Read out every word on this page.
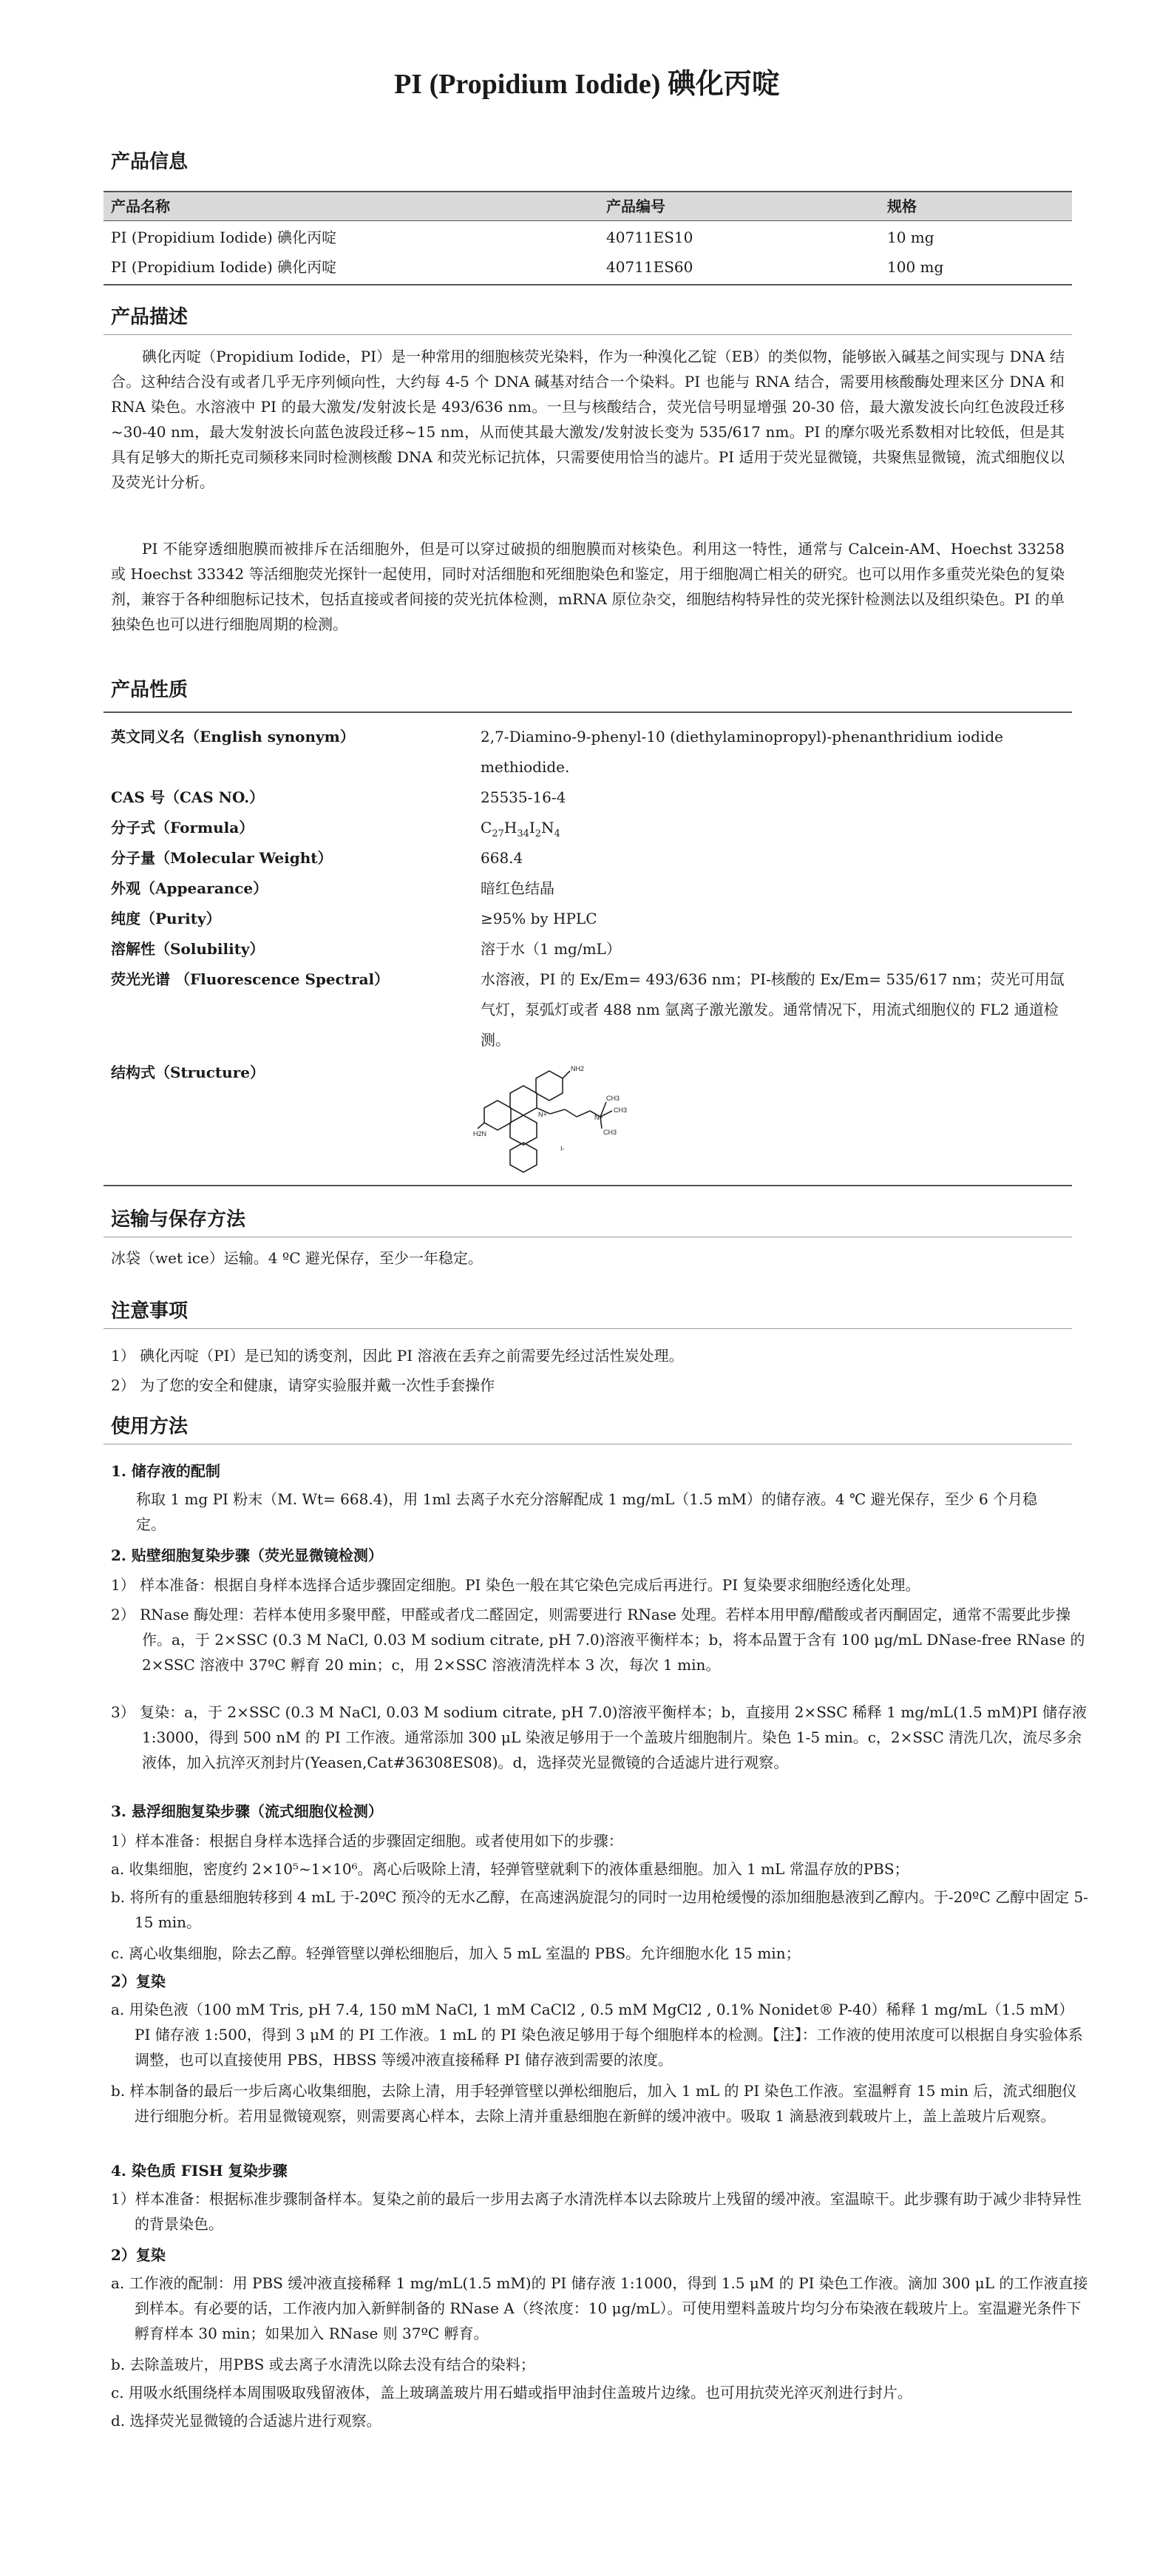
PI (Propidium Iodide) 碘化丙啶
产品信息
产品名称	产品编号	规格
PI (Propidium Iodide) 碘化丙啶	40711ES10	10 mg
PI (Propidium Iodide) 碘化丙啶	40711ES60	100 mg
产品描述
碘化丙啶（Propidium Iodide，PI）是一种常用的细胞核荧光染料，作为一种溴化乙锭（EB）的类似物，能够嵌入碱基之间实现与 DNA 结合。这种结合没有或者几乎无序列倾向性，大约每 4-5 个 DNA 碱基对结合一个染料。PI 也能与 RNA 结合，需要用核酸酶处理来区分 DNA 和 RNA 染色。水溶液中 PI 的最大激发/发射波长是 493/636 nm。一旦与核酸结合，荧光信号明显增强 20-30 倍，最大激发波长向红色波段迁移~30-40 nm，最大发射波长向蓝色波段迁移~15 nm，从而使其最大激发/发射波长变为 535/617 nm。PI 的摩尔吸光系数相对比较低，但是其具有足够大的斯托克司频移来同时检测核酸 DNA 和荧光标记抗体，只需要使用恰当的滤片。PI 适用于荧光显微镜，共聚焦显微镜，流式细胞仪以及荧光计分析。
PI 不能穿透细胞膜而被排斥在活细胞外，但是可以穿过破损的细胞膜而对核染色。利用这一特性，通常与 Calcein-AM、Hoechst 33258 或 Hoechst 33342 等活细胞荧光探针一起使用，同时对活细胞和死细胞染色和鉴定，用于细胞凋亡相关的研究。也可以用作多重荧光染色的复染剂，兼容于各种细胞标记技术，包括直接或者间接的荧光抗体检测，mRNA 原位杂交，细胞结构特异性的荧光探针检测法以及组织染色。PI 的单独染色也可以进行细胞周期的检测。
产品性质
英文同义名（English synonym）	2,7-Diamino-9-phenyl-10 (diethylaminopropyl)-phenanthridium iodide methiodide.
CAS 号（CAS NO.）	25535-16-4
分子式（Formula）	$C_{27}H_{34}I_2N_4$
分子量（Molecular Weight）	668.4
外观（Appearance）	暗红色结晶
纯度（Purity）	≥95% by HPLC
溶解性（Solubility）	溶于水（1 mg/mL）
荧光光谱 （Fluorescence Spectral）	水溶液，PI 的 Ex/Em= 493/636 nm；PI-核酸的 Ex/Em= 535/617 nm；荧光可用氙气灯，泵弧灯或者 488 nm 氩离子激光激发。通常情况下，用流式细胞仪的 FL2 通道检测。
结构式（Structure）	NH2
H2N
N+	N+
CH3
CH3
CH3
I-
运输与保存方法
冰袋（wet ice）运输。4 ºC 避光保存，至少一年稳定。
注意事项
1） 碘化丙啶（PI）是已知的诱变剂，因此 PI 溶液在丢弃之前需要先经过活性炭处理。
2） 为了您的安全和健康，请穿实验服并戴一次性手套操作
使用方法
1. 储存液的配制
称取 1 mg PI 粉末（M. Wt= 668.4)，用 1ml 去离子水充分溶解配成 1 mg/mL（1.5 mM）的储存液。4 ℃ 避光保存，至少 6 个月稳定。
2. 贴壁细胞复染步骤（荧光显微镜检测）
1） 样本准备：根据自身样本选择合适步骤固定细胞。PI 染色一般在其它染色完成后再进行。PI 复染要求细胞经透化处理。
2） RNase 酶处理：若样本使用多聚甲醛，甲醛或者戊二醛固定，则需要进行 RNase 处理。若样本用甲醇/醋酸或者丙酮固定，通常不需要此步操作。a，于 2×SSC (0.3 M NaCl, 0.03 M sodium citrate, pH 7.0)溶液平衡样本；b，将本品置于含有 100 μg/mL DNase-free RNase 的 2×SSC 溶液中 37ºC 孵育 20 min；c，用 2×SSC 溶液清洗样本 3 次，每次 1 min。
3） 复染：a，于 2×SSC (0.3 M NaCl, 0.03 M sodium citrate, pH 7.0)溶液平衡样本；b，直接用 2×SSC 稀释 1 mg/mL(1.5 mM)PI 储存液 1:3000，得到 500 nM 的 PI 工作液。通常添加 300 μL 染液足够用于一个盖玻片细胞制片。染色 1-5 min。c，2×SSC 清洗几次，流尽多余液体，加入抗淬灭剂封片(Yeasen,Cat#36308ES08)。d，选择荧光显微镜的合适滤片进行观察。
3. 悬浮细胞复染步骤（流式细胞仪检测）
1）样本准备：根据自身样本选择合适的步骤固定细胞。或者使用如下的步骤：
a. 收集细胞，密度约 2×10⁵~1×10⁶。离心后吸除上清，轻弹管壁就剩下的液体重悬细胞。加入 1 mL 常温存放的PBS；
b. 将所有的重悬细胞转移到 4 mL 于-20ºC 预冷的无水乙醇，在高速涡旋混匀的同时一边用枪缓慢的添加细胞悬液到乙醇内。于-20ºC 乙醇中固定 5-15 min。
c. 离心收集细胞，除去乙醇。轻弹管壁以弹松细胞后，加入 5 mL 室温的 PBS。允许细胞水化 15 min；
2）复染
a. 用染色液（100 mM Tris, pH 7.4, 150 mM NaCl, 1 mM CaCl2 , 0.5 mM MgCl2 , 0.1% Nonidet® P-40）稀释 1 mg/mL（1.5 mM）PI 储存液 1:500，得到 3 μM 的 PI 工作液。1 mL 的 PI 染色液足够用于每个细胞样本的检测。【注】：工作液的使用浓度可以根据自身实验体系调整，也可以直接使用 PBS，HBSS 等缓冲液直接稀释 PI 储存液到需要的浓度。
b. 样本制备的最后一步后离心收集细胞，去除上清，用手轻弹管壁以弹松细胞后，加入 1 mL 的 PI 染色工作液。室温孵育 15 min 后，流式细胞仪进行细胞分析。若用显微镜观察，则需要离心样本，去除上清并重悬细胞在新鲜的缓冲液中。吸取 1 滴悬液到载玻片上，盖上盖玻片后观察。
4. 染色质 FISH 复染步骤
1）样本准备：根据标准步骤制备样本。复染之前的最后一步用去离子水清洗样本以去除玻片上残留的缓冲液。室温晾干。此步骤有助于减少非特异性的背景染色。
2）复染
a. 工作液的配制：用 PBS 缓冲液直接稀释 1 mg/mL(1.5 mM)的 PI 储存液 1:1000，得到 1.5 μM 的 PI 染色工作液。滴加 300 μL 的工作液直接到样本。有必要的话，工作液内加入新鲜制备的 RNase A（终浓度：10 μg/mL）。可使用塑料盖玻片均匀分布染液在载玻片上。室温避光条件下孵育样本 30 min；如果加入 RNase 则 37ºC 孵育。
b. 去除盖玻片，用PBS 或去离子水清洗以除去没有结合的染料；
c. 用吸水纸围绕样本周围吸取残留液体，盖上玻璃盖玻片用石蜡或指甲油封住盖玻片边缘。也可用抗荧光淬灭剂进行封片。
d. 选择荧光显微镜的合适滤片进行观察。
